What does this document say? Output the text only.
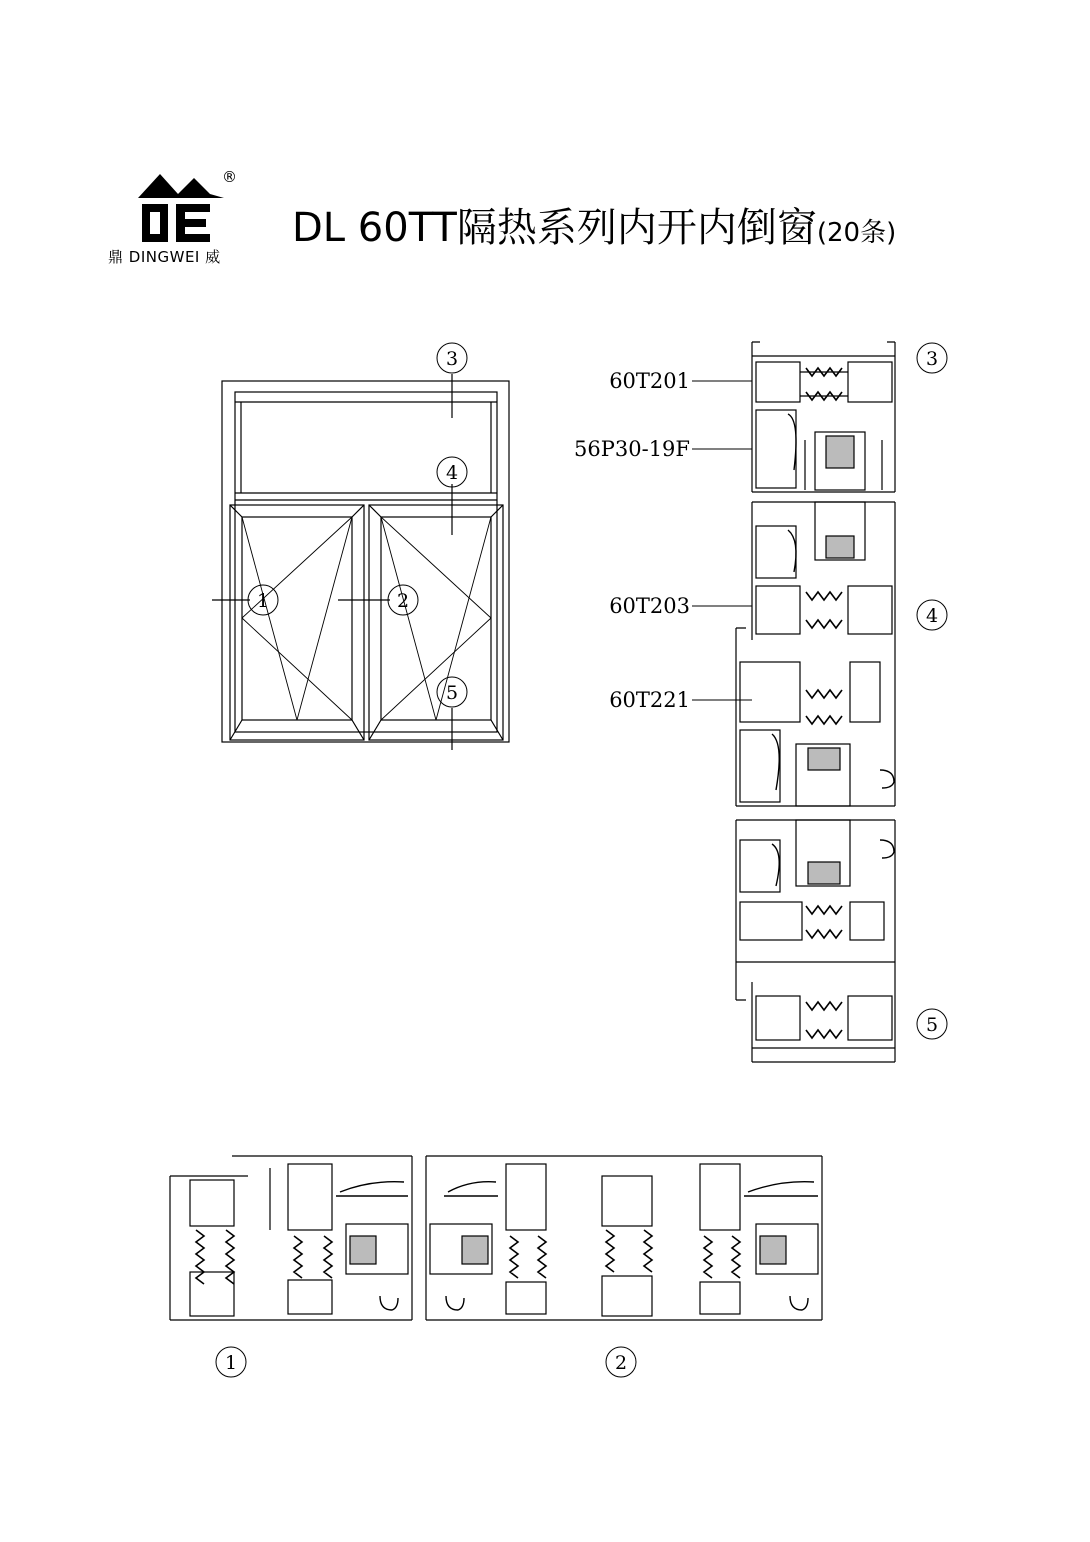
®
鼎 DINGWEI 威
DL 60TT隔热系列内开内倒窗(20条)
1	2
3
4
5
3
4
5
1	2
60T201
56P30-19F
60T203
60T221
